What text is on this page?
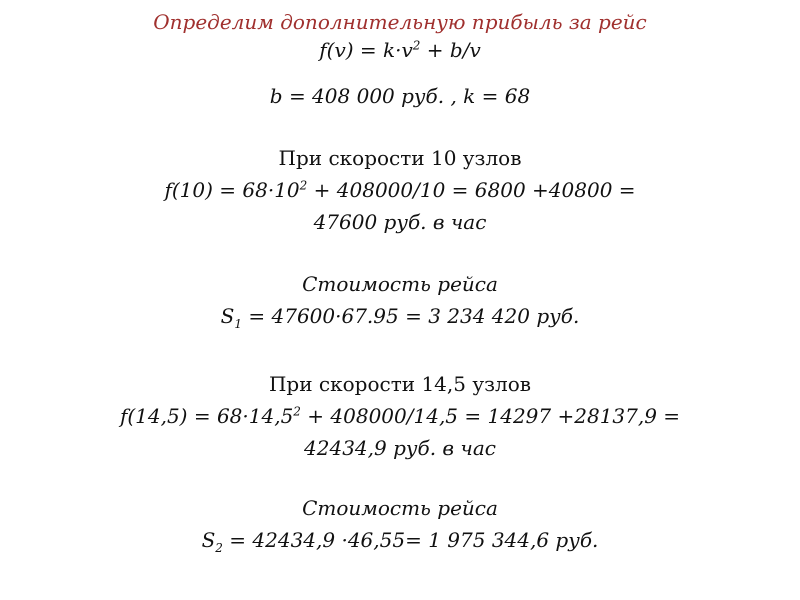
Определим дополнительную прибыль за рейс
$f(v) = k\cdot v^2 + b/v$
b = 408 000 руб. , k = 68
При скорости 10 узлов
$f(10) = 68\cdot 10^2 + 408000/10 = 6800 +40800$ =
47600 руб. в час
Стоимость рейса
$S_1 = 47600\cdot 67.95 = 3$ 234 420 руб.
При скорости 14,5 узлов
$f(14,5) = 68\cdot 14,5^2 + 408000/14,5 = 14297 +28137,9$ =
42434,9 руб. в час
Стоимость рейса
$S_2 = 42434,9 \cdot 46,55= 1$ 975 344,6 руб.
